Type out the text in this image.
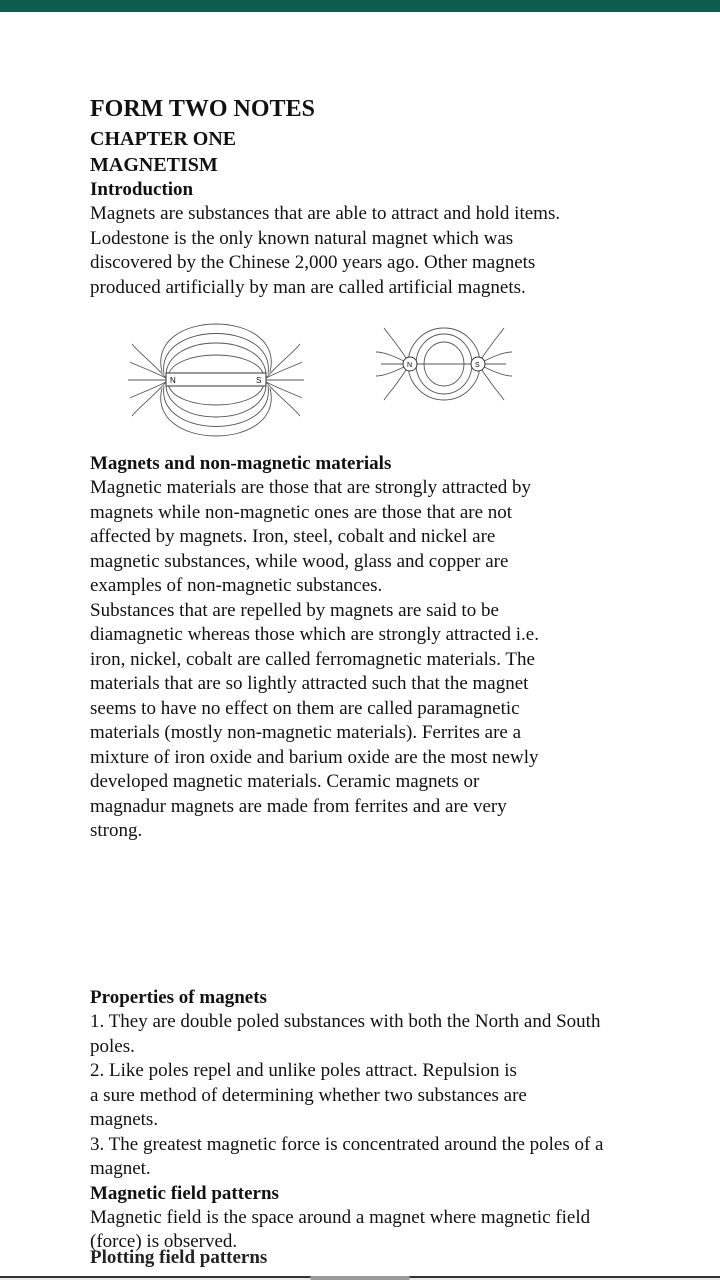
FORM TWO NOTES
CHAPTER ONE
MAGNETISM
Introduction
Magnets are substances that are able to attract and hold items.
Lodestone is the only known natural magnet which was
discovered by the Chinese 2,000 years ago. Other magnets
produced artificially by man are called artificial magnets.
N	S
N	S
Magnets and non-magnetic materials
Magnetic materials are those that are strongly attracted by
magnets while non-magnetic ones are those that are not
affected by magnets. Iron, steel, cobalt and nickel are
magnetic substances, while wood, glass and copper are
examples of non-magnetic substances.
Substances that are repelled by magnets are said to be
diamagnetic whereas those which are strongly attracted i.e.
iron, nickel, cobalt are called ferromagnetic materials. The
materials that are so lightly attracted such that the magnet
seems to have no effect on them are called paramagnetic
materials (mostly non-magnetic materials). Ferrites are a
mixture of iron oxide and barium oxide are the most newly
developed magnetic materials. Ceramic magnets or
magnadur magnets are made from ferrites and are very
strong.
Properties of magnets
1. They are double poled substances with both the North and South
poles.
2. Like poles repel and unlike poles attract. Repulsion is
a sure method of determining whether two substances are
magnets.
3. The greatest magnetic force is concentrated around the poles of a
magnet.
Magnetic field patterns
Magnetic field is the space around a magnet where magnetic field
(force) is observed.
Plotting field patterns
